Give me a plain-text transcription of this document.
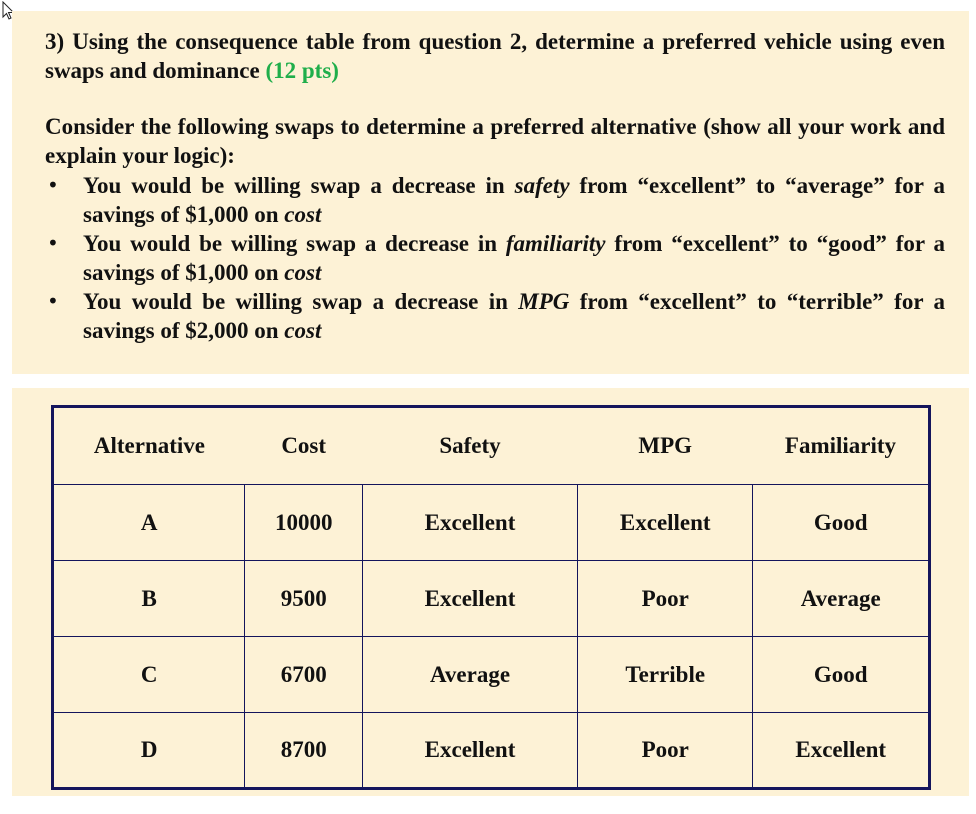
3) Using the consequence table from question 2, determine a preferred vehicle using even swaps and dominance (12 pts)
Consider the following swaps to determine a preferred alternative (show all your work and explain your logic):
• You would be willing swap a decrease in safety from “excellent” to “average” for a savings of $1,000 on cost
• You would be willing swap a decrease in familiarity from “excellent” to “good” for a savings of $1,000 on cost
• You would be willing swap a decrease in MPG from “excellent” to “terrible” for a savings of $2,000 on cost
Alternative	Cost	Safety	MPG	Familiarity
A	10000	Excellent	Excellent	Good
B	9500	Excellent	Poor	Average
C	6700	Average	Terrible	Good
D	8700	Excellent	Poor	Excellent
